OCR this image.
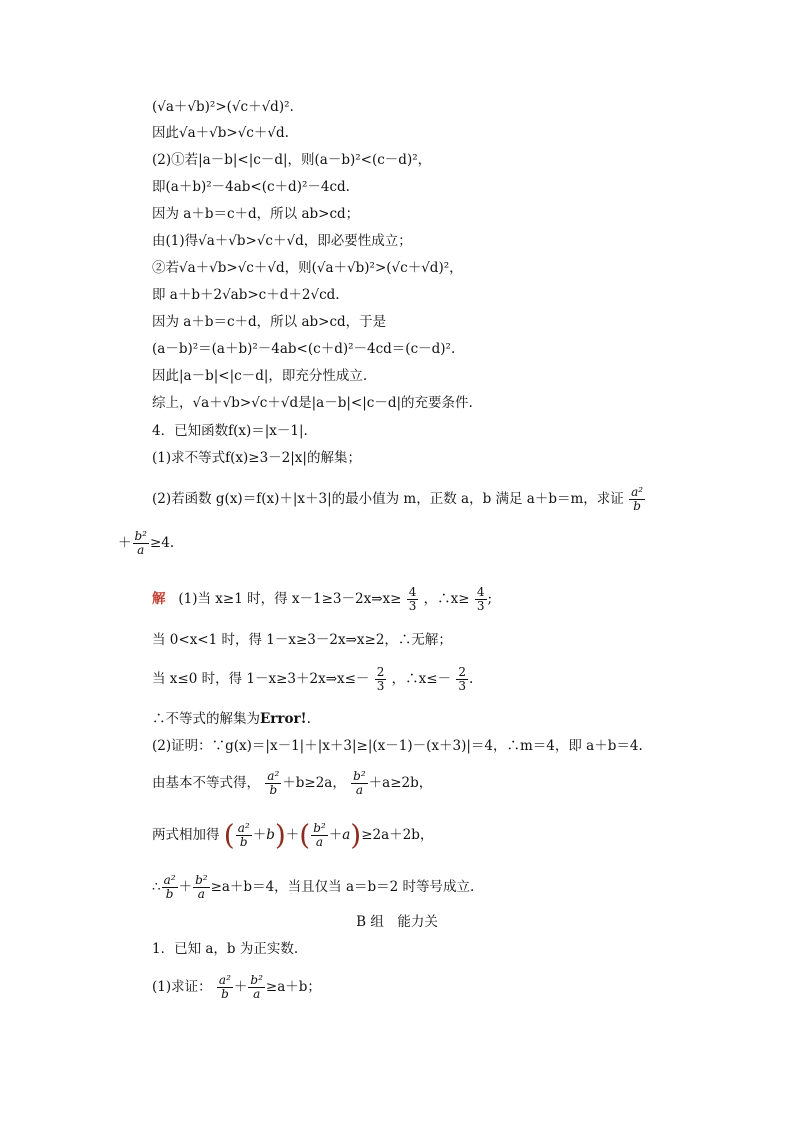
(√a＋√b)²>(√c＋√d)².
因此√a＋√b>√c＋√d.
(2)①若|a－b|<|c－d|，则(a－b)²<(c－d)²，
即(a＋b)²－4ab<(c＋d)²－4cd.
因为 a＋b＝c＋d，所以 ab>cd；
由(1)得√a＋√b>√c＋√d，即必要性成立；
②若√a＋√b>√c＋√d，则(√a＋√b)²>(√c＋√d)²，
即 a＋b＋2√ab>c＋d＋2√cd.
因为 a＋b＝c＋d，所以 ab>cd，于是
(a－b)²＝(a＋b)²－4ab<(c＋d)²－4cd＝(c－d)².
因此|a－b|<|c－d|，即充分性成立.
综上，√a＋√b>√c＋√d是|a－b|<|c－d|的充要条件.
4．已知函数f(x)＝|x－1|.
(1)求不等式f(x)≥3－2|x|的解集；
(2)若函数 g(x)＝f(x)＋|x＋3|的最小值为 m，正数 a，b 满足 a＋b＝m，求证 $\frac{\text{a²}}{b}$
＋ $\frac{\text{b²}}{a} \ge 4$.
解 (1)当 x≥1 时，得 x－1≥3－2x⇒x≥ $\frac{4}{3}$ ，∴x≥ $\frac{4}{3}$ ;
当 0<x<1 时，得 1－x≥3－2x⇒x≥2，∴无解；
当 x≤0 时，得 1－x≥3＋2x⇒x≤－ $\frac{2}{3}$ ，∴x≤－ $\frac{2}{3}$ .
∴不等式的解集为Error!.
(2)证明：∵g(x)＝|x－1|＋|x＋3|≥|(x－1)－(x＋3)|＝4，∴m＝4，即 a＋b＝4.
由基本不等式得， $\frac{\text{a²}}{b} +b\ge 2a$， $\frac{\text{b²}}{a} +a\ge 2b$，
两式相加得 ( $\frac{\text{a²}}{b} +b)+( \frac{\text{b²}}{a} +a)\ge 2a+2b$，
∴ $\frac{\text{a²}}{b} + \frac{\text{b²}}{a} \ge a+b=4$，当且仅当 a＝b＝2 时等号成立.
B 组　能力关
1．已知 a，b 为正实数.
(1)求证： $\frac{\text{a²}}{b} + \frac{\text{b²}}{a} \ge a+b$；
